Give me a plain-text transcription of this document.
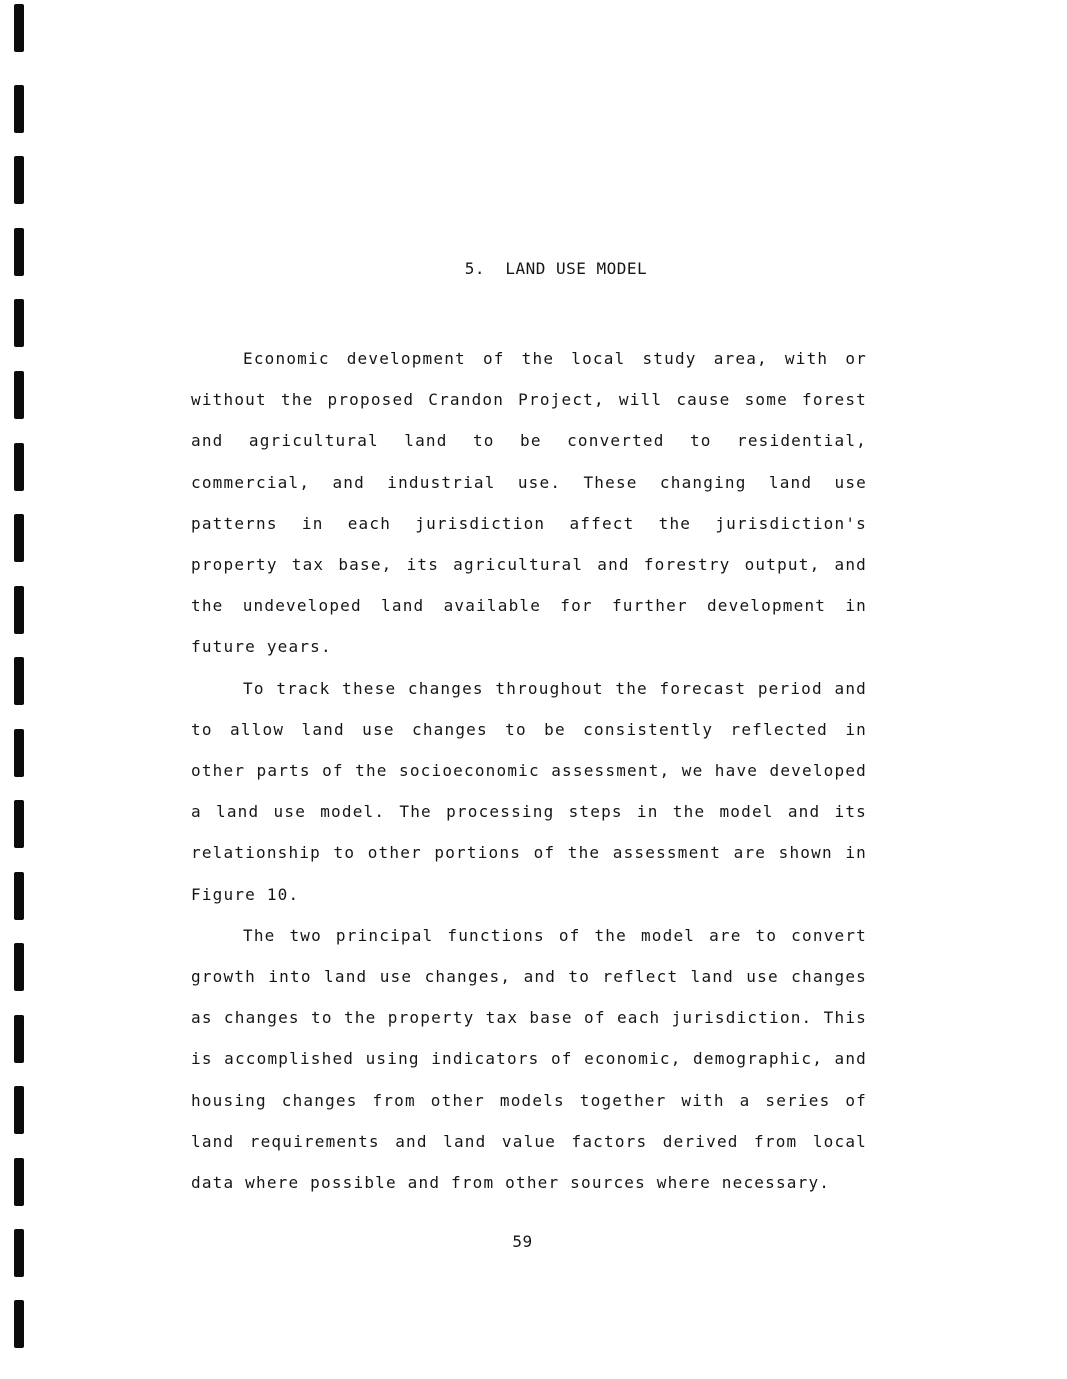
5.  LAND USE MODEL

Economic development of the local study area, with or without the proposed Crandon Project, will cause some forest and agricultural land to be converted to residential, commercial, and industrial use. These changing land use patterns in each jurisdiction affect the jurisdiction's property tax base, its agricultural and forestry output, and the undeveloped land available for further development in future years.

To track these changes throughout the forecast period and to allow land use changes to be consistently reflected in other parts of the socioeconomic assessment, we have developed a land use model. The processing steps in the model and its relationship to other portions of the assessment are shown in Figure 10.

The two principal functions of the model are to convert growth into land use changes, and to reflect land use changes as changes to the property tax base of each jurisdiction. This is accomplished using indicators of economic, demographic, and housing changes from other models together with a series of land requirements and land value factors derived from local data where possible and from other sources where necessary.

59
